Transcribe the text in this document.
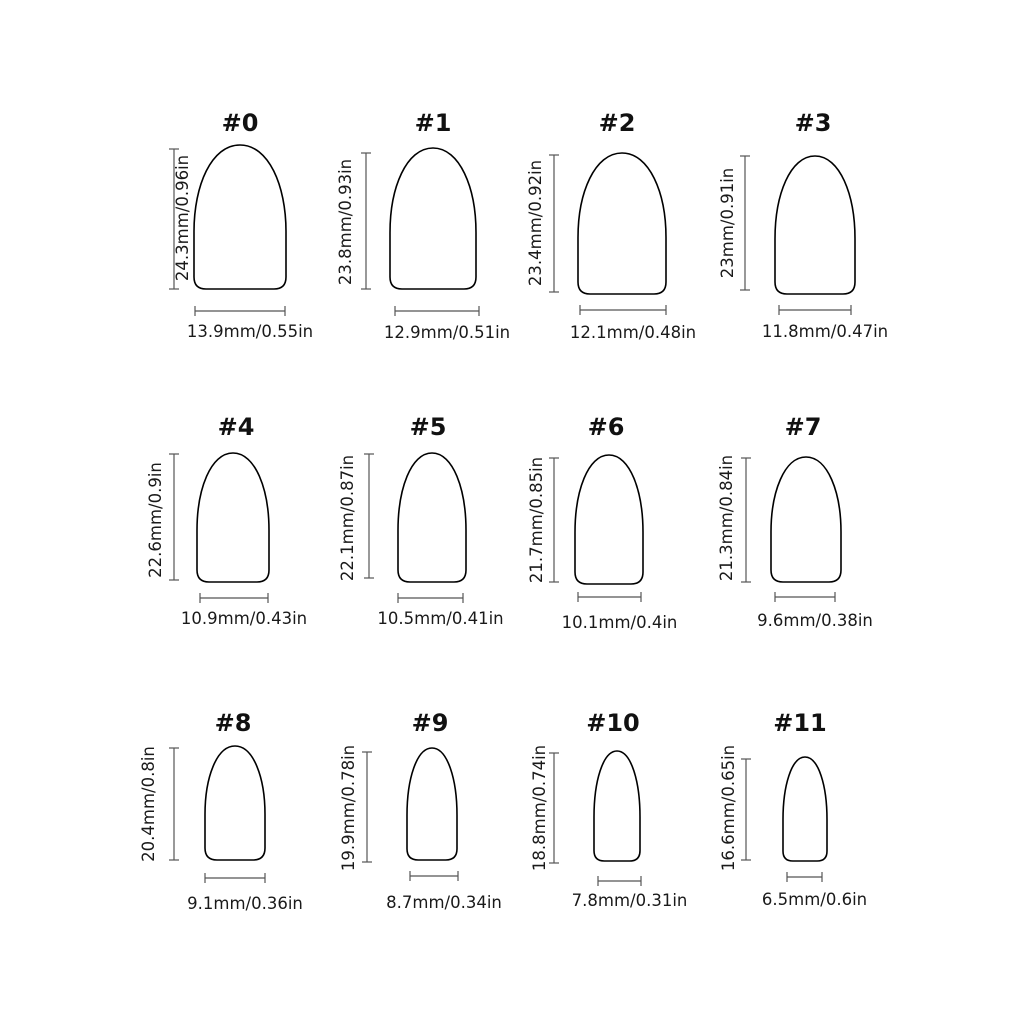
#0
24.3mm/0.96in
13.9mm/0.55in
#1
23.8mm/0.93in
12.9mm/0.51in
#2
23.4mm/0.92in
12.1mm/0.48in
#3
23mm/0.91in
11.8mm/0.47in
#4
22.6mm/0.9in
10.9mm/0.43in
#5
22.1mm/0.87in
10.5mm/0.41in
#6
21.7mm/0.85in
10.1mm/0.4in
#7
21.3mm/0.84in
9.6mm/0.38in
#8
20.4mm/0.8in
9.1mm/0.36in
#9
19.9mm/0.78in
8.7mm/0.34in
#10
18.8mm/0.74in
7.8mm/0.31in
#11
16.6mm/0.65in
6.5mm/0.6in
